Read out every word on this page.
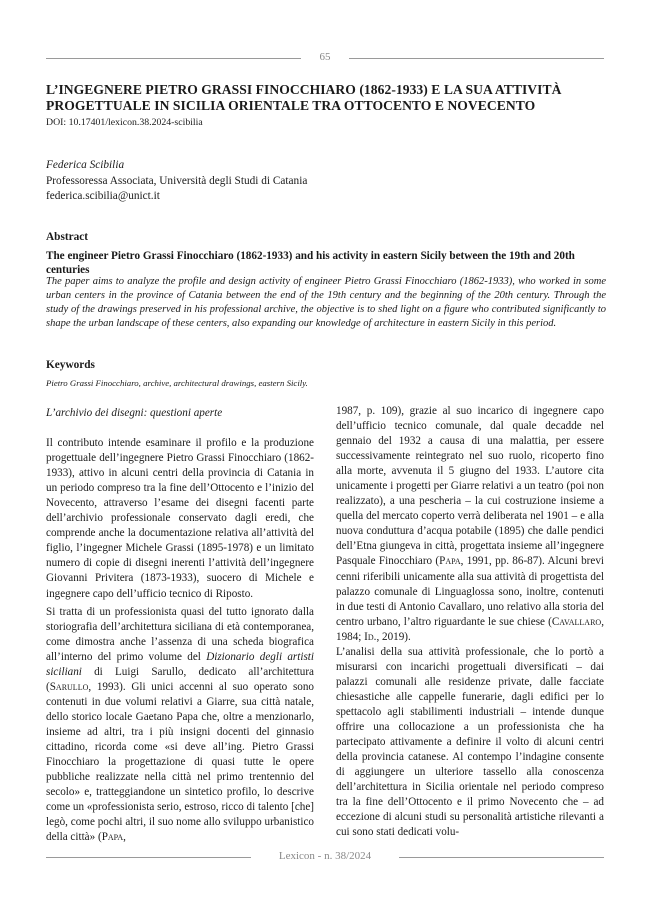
65
L’INGEGNERE PIETRO GRASSI FINOCCHIARO (1862-1933) E LA SUA ATTIVITÀ PROGETTUALE IN SICILIA ORIENTALE TRA OTTOCENTO E NOVECENTO
DOI: 10.17401/lexicon.38.2024-scibilia
Federica Scibilia
Professoressa Associata, Università degli Studi di Catania
federica.scibilia@unict.it
Abstract
The engineer Pietro Grassi Finocchiaro (1862-1933) and his activity in eastern Sicily between the 19th and 20th centuries
The paper aims to analyze the profile and design activity of engineer Pietro Grassi Finocchiaro (1862-1933), who worked in some urban centers in the province of Catania between the end of the 19th century and the beginning of the 20th century. Through the study of the drawings preserved in his professional archive, the objective is to shed light on a figure who contributed significantly to shape the urban landscape of these centers, also expanding our knowledge of architecture in eastern Sicily in this period.
Keywords
Pietro Grassi Finocchiaro, archive, architectural drawings, eastern Sicily.

L’archivio dei disegni: questioni aperte

Il contributo intende esaminare il profilo e la produzione progettuale dell’ingegnere Pietro Grassi Finocchiaro (1862-1933), attivo in alcuni centri della provincia di Catania in un periodo compreso tra la fine dell’Ottocento e l’inizio del Novecento, attraverso l’esame dei disegni facenti parte dell’archivio professionale conservato dagli eredi, che comprende anche la documentazione relativa all’attività del figlio, l’ingegner Michele Grassi (1895-1978) e un limitato numero di copie di disegni inerenti l’attività dell’ingegnere Giovanni Privitera (1873-1933), suocero di Michele e ingegnere capo dell’ufficio tecnico di Riposto.

Si tratta di un professionista quasi del tutto ignorato dalla storiografia dell’architettura siciliana di età contemporanea, come dimostra anche l’assenza di una scheda biografica all’interno del primo volume del Dizionario degli artisti siciliani di Luigi Sarullo, dedicato all’architettura (Sarullo, 1993). Gli unici accenni al suo operato sono contenuti in due volumi relativi a Giarre, sua città natale, dello storico locale Gaetano Papa che, oltre a menzionarlo, insieme ad altri, tra i più insigni docenti del ginnasio cittadino, ricorda come «si deve all’ing. Pietro Grassi Finocchiaro la progettazione di quasi tutte le opere pubbliche realizzate nella città nel primo trentennio del secolo» e, tratteggiandone un sintetico profilo, lo descrive come un «professionista serio, estroso, ricco di talento [che] legò, come pochi altri, il suo nome allo sviluppo urbanistico della città» (Papa,

1987, p. 109), grazie al suo incarico di ingegnere capo dell’ufficio tecnico comunale, dal quale decadde nel gennaio del 1932 a causa di una malattia, per essere successivamente reintegrato nel suo ruolo, ricoperto fino alla morte, avvenuta il 5 giugno del 1933. L’autore cita unicamente i progetti per Giarre relativi a un teatro (poi non realizzato), a una pescheria – la cui costruzione insieme a quella del mercato coperto verrà deliberata nel 1901 – e alla nuova conduttura d’acqua potabile (1895) che dalle pendici dell’Etna giungeva in città, progettata insieme all’ingegnere Pasquale Finocchiaro (Papa, 1991, pp. 86-87). Alcuni brevi cenni riferibili unicamente alla sua attività di progettista del palazzo comunale di Linguaglossa sono, inoltre, contenuti in due testi di Antonio Cavallaro, uno relativo alla storia del centro urbano, l’altro riguardante le sue chiese (Cavallaro, 1984; Id., 2019).

L’analisi della sua attività professionale, che lo portò a misurarsi con incarichi progettuali diversificati – dai palazzi comunali alle residenze private, dalle facciate chiesastiche alle cappelle funerarie, dagli edifici per lo spettacolo agli stabilimenti industriali – intende dunque offrire una collocazione a un professionista che ha partecipato attivamente a definire il volto di alcuni centri della provincia catanese. Al contempo l’indagine consente di aggiungere un ulteriore tassello alla conoscenza dell’architettura in Sicilia orientale nel periodo compreso tra la fine dell’Ottocento e il primo Novecento che – ad eccezione di alcuni studi su personalità artistiche rilevanti a cui sono stati dedicati volu-

Lexicon - n. 38/2024
